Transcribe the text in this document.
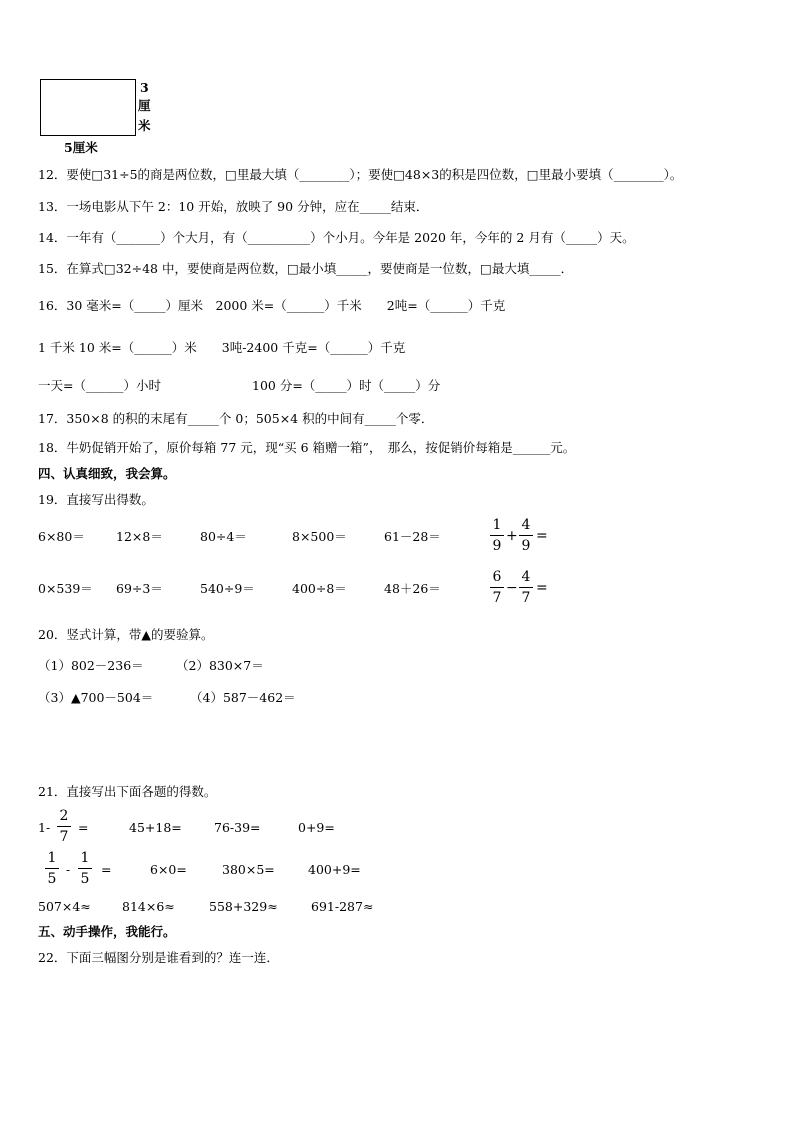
3
厘
米
5厘米
12．要使□31÷5的商是两位数，□里最大填（________）；要使□48×3的积是四位数，□里最小要填（________）。
13．一场电影从下午 2：10 开始，放映了 90 分钟，应在_____结束．
14．一年有（_______）个大月，有（__________）个小月。今年是 2020 年，今年的 2 月有（_____）天。
15．在算式□32÷48 中，要使商是两位数，□最小填_____，要使商是一位数，□最大填_____．
16．30 毫米=（_____）厘米　2000 米=（______）千米　　2吨=（______）千克
1 千米 10 米=（______）米　　3吨-2400 千克=（______）千克
一天=（______）小时	100 分=（_____）时（_____）分
17．350×8 的积的末尾有_____个 0；505×4 积的中间有_____个零．
18．牛奶促销开始了，原价每箱 77 元，现“买 6 箱赠一箱”，　那么，按促销价每箱是______元。
四、认真细致，我会算。
19．直接写出得数。
6×80＝ 12×8＝	80÷4＝	8×500＝	61－28＝
1
9
+
4
9
=
0×539＝ 69÷3＝	540÷9＝	400÷8＝	48＋26＝
6
7
−
4
7
=
20．竖式计算，带▲的要验算。
（1）802－236＝	（2）830×7＝
（3）▲700－504＝	（4）587－462＝
21．直接写出下面各题的得数。
1-
2
7
=	45+18=	76-39=	0+9=
1
5
-
1
5
=	6×0=	380×5=	400+9=
507×4≈ 814×6≈	558+329≈	691-287≈
五、动手操作，我能行。
22．下面三幅图分别是谁看到的？连一连．
